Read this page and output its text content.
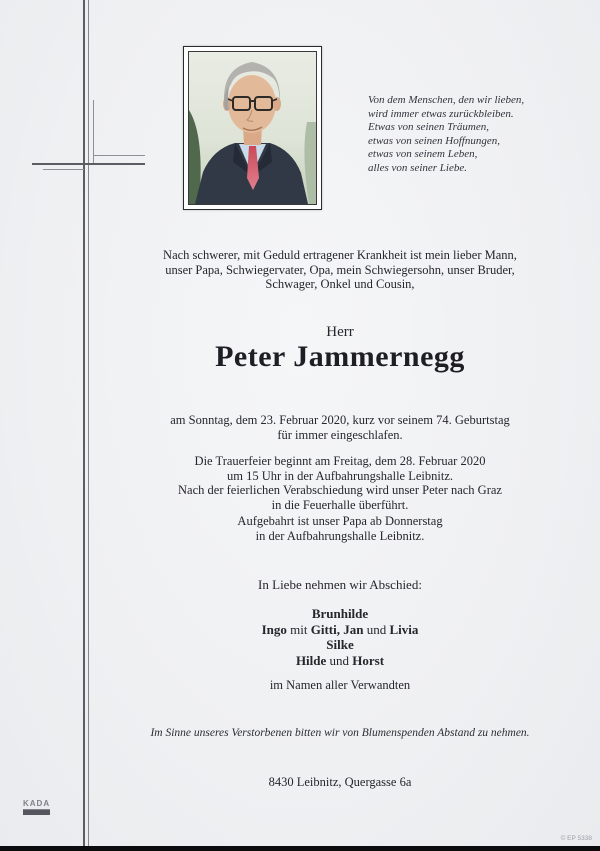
Von dem Menschen, den wir lieben,
wird immer etwas zurückbleiben.
Etwas von seinen Träumen,
etwas von seinen Hoffnungen,
etwas von seinem Leben,
alles von seiner Liebe.
Nach schwerer, mit Geduld ertragener Krankheit ist mein lieber Mann,
unser Papa, Schwiegervater, Opa, mein Schwiegersohn, unser Bruder,
Schwager, Onkel und Cousin,
Herr
Peter Jammernegg
am Sonntag, dem 23. Februar 2020, kurz vor seinem 74. Geburtstag
für immer eingeschlafen.
Die Trauerfeier beginnt am Freitag, dem 28. Februar 2020
um 15 Uhr in der Aufbahrungshalle Leibnitz.
Nach der feierlichen Verabschiedung wird unser Peter nach Graz
in die Feuerhalle überführt.
Aufgebahrt ist unser Papa ab Donnerstag
in der Aufbahrungshalle Leibnitz.
In Liebe nehmen wir Abschied:
Brunhilde
Ingo mit Gitti, Jan und Livia
Silke
Hilde und Horst
im Namen aller Verwandten
Im Sinne unseres Verstorbenen bitten wir von Blumenspenden Abstand zu nehmen.
8430 Leibnitz, Quergasse 6a
KADA
© EP 5338
